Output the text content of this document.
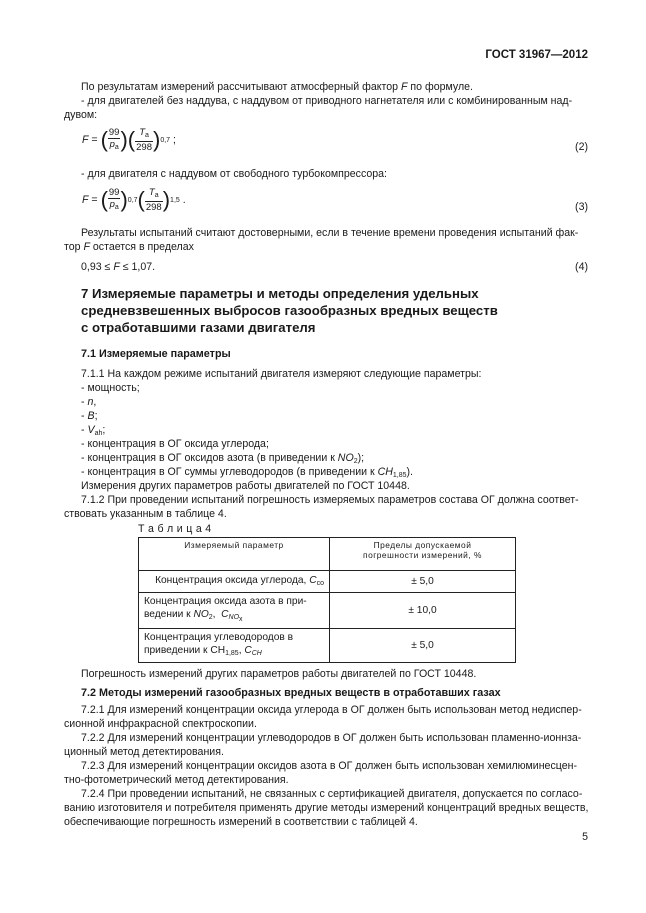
ГОСТ 31967—2012
По результатам измерений рассчитывают атмосферный фактор F по формуле.
- для двигателей без наддува, с наддувом от приводного нагнетателя или с комбинированным над-
дувом:
F = ( $\frac{99}{p_a}$ ) ( $\frac{T_a}{298}$ ) 0,7 ;
(2)
- для двигателя с наддувом от свободного турбокомпрессора:
F = ( $\frac{99}{p_a}$ ) 0,7 ( $\frac{T_a}{298}$ ) 1,5 .
(3)
Результаты испытаний считают достоверными, если в течение времени проведения испытаний фак-
тор F остается в пределах
0,93 ≤ F ≤ 1,07.	(4)
7 Измеряемые параметры и методы определения удельных
средневзвешенных выбросов газообразных вредных веществ
с отработавшими газами двигателя
7.1 Измеряемые параметры
7.1.1 На каждом режиме испытаний двигателя измеряют следующие параметры:
- мощность;
- n,
- B;
- $V_{ah}$;
- концентрация в ОГ оксида углерода;
- концентрация в ОГ оксидов азота (в приведении к $NO_2$);
- концентрация в ОГ суммы углеводородов (в приведении к $CH_{1,85}$).
Измерения других параметров работы двигателей по ГОСТ 10448.
7.1.2 При проведении испытаний погрешность измеряемых параметров состава ОГ должна соответ-
ствовать указанным в таблице 4.
Т а б л и ц а 4
Измеряемый параметр	Пределы допускаемой
погрешности измерений, %
Концентрация оксида углерода, $C_{co}$	± 5,0
Концентрация оксида азота в при-
ведении к $NO_2$,  $C_{NO_x}$	± 10,0
Концентрация углеводородов в
приведении к $CH_{1,85}$, $C_{CH}$	± 5,0
Погрешность измерений других параметров работы двигателей по ГОСТ 10448.
7.2 Методы измерений газообразных вредных веществ в отработавших газах
7.2.1 Для измерений концентрации оксида углерода в ОГ должен быть использован метод недиспер-
сионной инфракрасной спектроскопии.
7.2.2 Для измерений концентрации углеводородов в ОГ должен быть использован пламенно-ионнза-
ционный метод детектирования.
7.2.3 Для измерений концентрации оксидов азота в ОГ должен быть использован хемилюминесцен-
тно-фотометрический метод детектирования.
7.2.4 При проведении испытаний, не связанных с сертификацией двигателя, допускается по согласо-
ванию изготовителя и потребителя применять другие методы измерений концентраций вредных веществ,
обеспечивающие погрешность измерений в соответствии с таблицей 4.
5
